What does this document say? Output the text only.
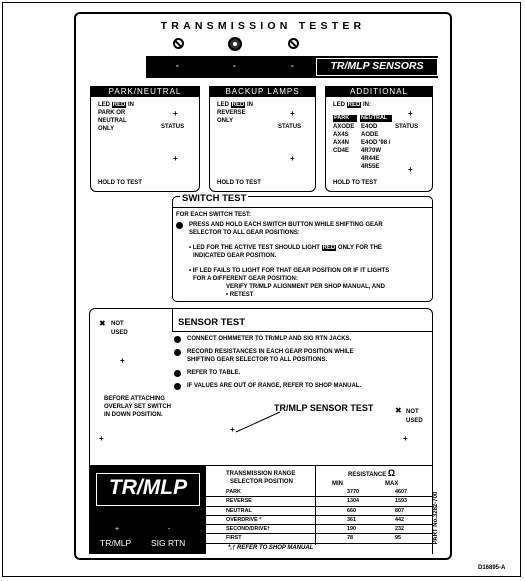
TRANSMISSION TESTER
-	-	-	TR/MLP SENSORS
PARK/NEUTRAL
LED RED IN
PARK OR
NEUTRAL
ONLY
+
STATUS
+
HOLD TO TEST
BACKUP LAMPS
LED RED IN
REVERSE
ONLY
+
STATUS
+
HOLD TO TEST
ADDITIONAL
LED RED IN:
PARK NEUTRAL
AXODE
AX4S
AX4N
CD4E
E4OD
AODE
E4OD '98 /
4R70W
4R44E
4R55E
+
STATUS
+
HOLD TO TEST
SWITCH TEST
FOR EACH SWITCH TEST:
PRESS AND HOLD EACH SWITCH BUTTON WHILE SHIFTING GEAR
SELECTOR TO ALL GEAR POSITIONS:
• LED FOR THE ACTIVE TEST SHOULD LIGHT RED ONLY FOR THE
INDICATED GEAR POSITION.
• IF LED FAILS TO LIGHT FOR THAT GEAR POSITION OR IF IT LIGHTS
FOR A DIFFERENT GEAR POSITION:
VERIFY TR/MLP ALIGNMENT PER SHOP MANUAL, AND
• RETEST
SENSOR TEST
✖ NOT
USED
+
CONNECT OHMMETER TO TR/MLP AND SIG RTN JACKS.
RECORD RESISTANCES IN EACH GEAR POSITION WHILE
SHIFTING GEAR SELECTOR TO ALL POSITIONS.
REFER TO TABLE.
IF VALUES ARE OUT OF RANGE, REFER TO SHOP MANUAL.
BEFORE ATTACHING
OVERLAY SET SWITCH
IN DOWN POSITION.
TR/MLP SENSOR TEST
+
✖ NOT
USED
+	+
TR/MLP
+	-
TR/MLP SIG RTN
TRANSMISSION RANGE
SELECTOR POSITION
RESISTANCE Ω
MIN	MAX
PARK	3770	4607
REVERSE	1304	1593
NEUTRAL	660	807
OVERDRIVE *	361	442
SECOND/DRIVE†	190	232
FIRST	78	95
*,† REFER TO SHOP MANUAL
PART No.3282-700
D16895-A
